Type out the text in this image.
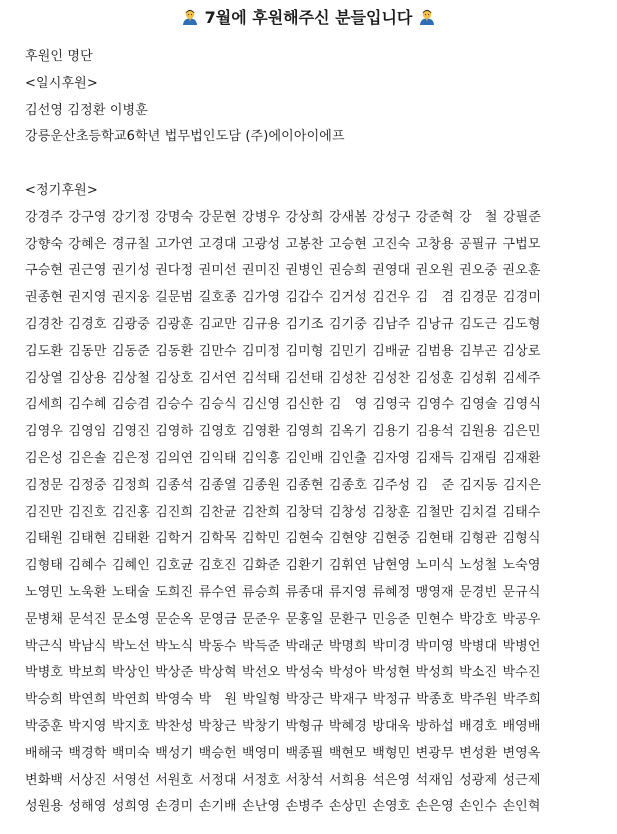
7월에 후원해주신 분들입니다
후원인 명단
<일시후원>
김선영 김정환 이병훈
강릉운산초등학교6학년 법무법인도담 (주)에이아이에프
<정기후원>
강경주 강구영 강기정 강명숙 강문현 강병우 강상희 강새봄 강성구 강준혁 강　철 강필준
강향숙 강혜은 경규칠 고가연 고경대 고광성 고봉찬 고승현 고진숙 고창용 공필규 구법모
구승현 권근영 권기성 권다정 권미선 권미진 권병인 권승희 권영대 권오원 권오중 권오훈
권종현 권지영 권지웅 길문범 길호종 김가영 김갑수 김거성 김건우 김　겸 김경문 김경미
김경찬 김경호 김광중 김광훈 김교만 김규용 김기조 김기중 김남주 김낭규 김도근 김도형
김도환 김동만 김동준 김동환 김만수 김미정 김미형 김민기 김배균 김범용 김부곤 김상로
김상열 김상용 김상철 김상호 김서연 김석태 김선태 김성찬 김성찬 김성훈 김성휘 김세주
김세희 김수혜 김승겸 김승수 김승식 김신영 김신한 김　영 김영국 김영수 김영술 김영식
김영우 김영임 김영진 김영하 김영호 김영환 김영희 김옥기 김용기 김용석 김원용 김은민
김은성 김은솔 김은정 김의연 김익태 김익흥 김인배 김인출 김자영 김재득 김재림 김재환
김정문 김정중 김정희 김종석 김종열 김종원 김종현 김종호 김주성 김　준 김지동 김지은
김진만 김진호 김진홍 김진희 김찬균 김찬희 김창덕 김창성 김창훈 김철만 김치걸 김태수
김태원 김태현 김태환 김학거 김학목 김학민 김현숙 김현양 김현중 김현태 김형관 김형식
김형태 김혜수 김혜인 김호균 김호진 김화준 김환기 김휘연 남현영 노미식 노성철 노숙영
노영민 노욱환 노태술 도희진 류수연 류승희 류종대 류지영 류혜정 맹영재 문경빈 문규식
문병채 문석진 문소영 문순옥 문영금 문준우 문홍일 문환구 민응준 민현수 박강호 박공우
박근식 박남식 박노선 박노식 박동수 박득준 박래군 박명희 박미경 박미영 박병대 박병언
박병호 박보희 박상인 박상준 박상혁 박선오 박성숙 박성아 박성현 박성희 박소진 박수진
박승희 박연희 박연희 박영숙 박　원 박일형 박장근 박재구 박정규 박종호 박주원 박주희
박중훈 박지영 박지호 박찬성 박창근 박창기 박형규 박혜경 방대욱 방하섭 배경호 배영배
배해국 백경학 백미숙 백성기 백승헌 백영미 백종필 백현모 백형민 변광무 변성환 변영옥
변화백 서상진 서영선 서원호 서정대 서정호 서창석 서희용 석은영 석재임 성광제 성근제
성원용 성해영 성희영 손경미 손기배 손난영 손병주 손상민 손영호 손은영 손인수 손인혁
